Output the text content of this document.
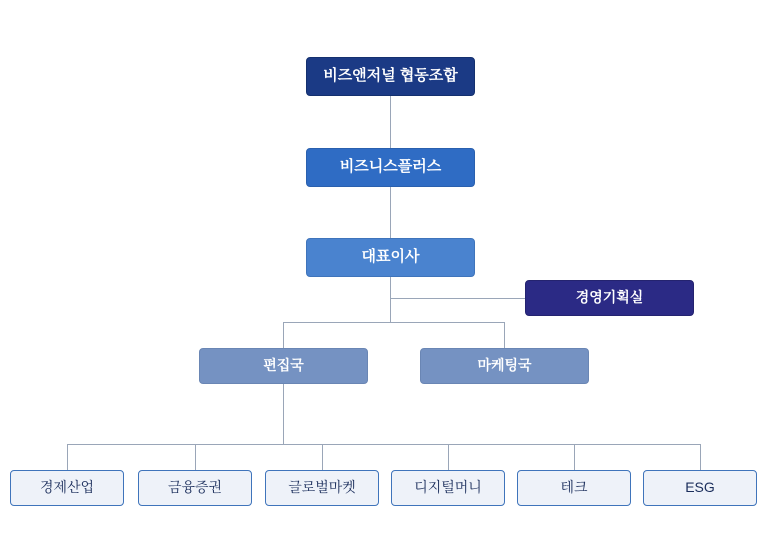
비즈앤저널 협동조합
비즈니스플러스
대표이사
경영기획실
편집국	마케팅국
경제산업	금융증권	글로벌마켓	디지털머니	테크	ESG
